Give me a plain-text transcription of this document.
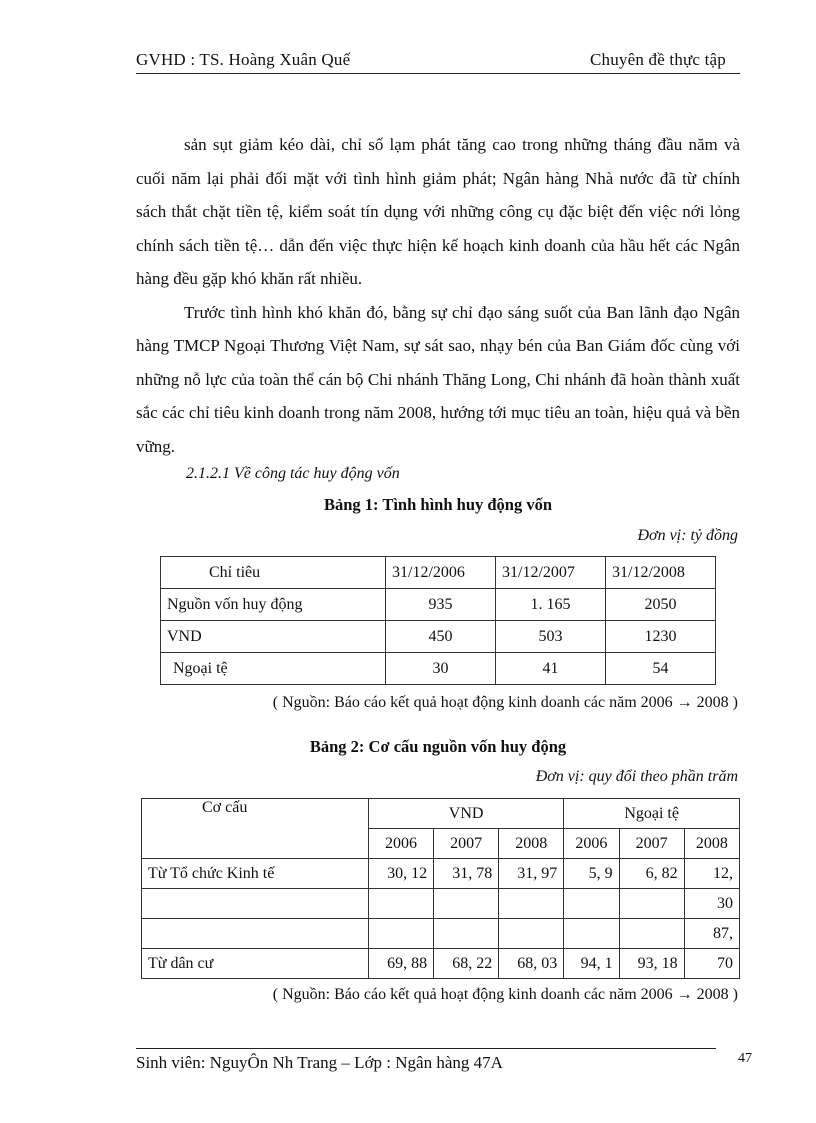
GVHD : TS. Hoàng Xuân Quế	Chuyên đề thực tập

sản sụt giảm kéo dài, chỉ số lạm phát tăng cao trong những tháng đầu năm và cuối năm lại phải đối mặt với tình hình giảm phát; Ngân hàng Nhà nước đã từ chính sách thắt chặt tiền tệ, kiểm soát tín dụng với những công cụ đặc biệt đến việc nới lỏng chính sách tiền tệ… dẫn đến việc thực hiện kế hoạch kinh doanh của hầu hết các Ngân hàng đều gặp khó khăn rất nhiều.

Trước tình hình khó khăn đó, bằng sự chỉ đạo sáng suốt của Ban lãnh đạo Ngân hàng TMCP Ngoại Thương Việt Nam, sự sát sao, nhạy bén của Ban Giám đốc cùng với những nỗ lực của toàn thể cán bộ Chi nhánh Thăng Long, Chi nhánh đã hoàn thành xuất sắc các chỉ tiêu kinh doanh trong năm 2008, hướng tới mục tiêu an toàn, hiệu quả và bền vững.

2.1.2.1 Về công tác huy động vốn
Bảng 1: Tình hình huy động vốn
Đơn vị: tỷ đồng
Chỉ tiêu	31/12/2006	31/12/2007	31/12/2008
Nguồn vốn huy động	935	1. 165	2050
VND	450	503	1230
Ngoại tệ	30	41	54
( Nguồn: Báo cáo kết quả hoạt động kinh doanh các năm 2006 → 2008 )
Bảng 2: Cơ cấu nguồn vốn huy động
Đơn vị: quy đổi theo phần trăm
Cơ cấu	VND			Ngoại tệ		
	2006	2007	2008	2006	2007	2008
Từ Tổ chức Kinh tế	30, 12	31, 78	31, 97	5, 9	6, 82	12,
						30
						87,
Từ dân cư	69, 88	68, 22	68, 03	94, 1	93, 18	70
( Nguồn: Báo cáo kết quả hoạt động kinh doanh các năm 2006 → 2008 )
Sinh viên: NguyÔn Nh Trang – Lớp : Ngân hàng 47A	47
